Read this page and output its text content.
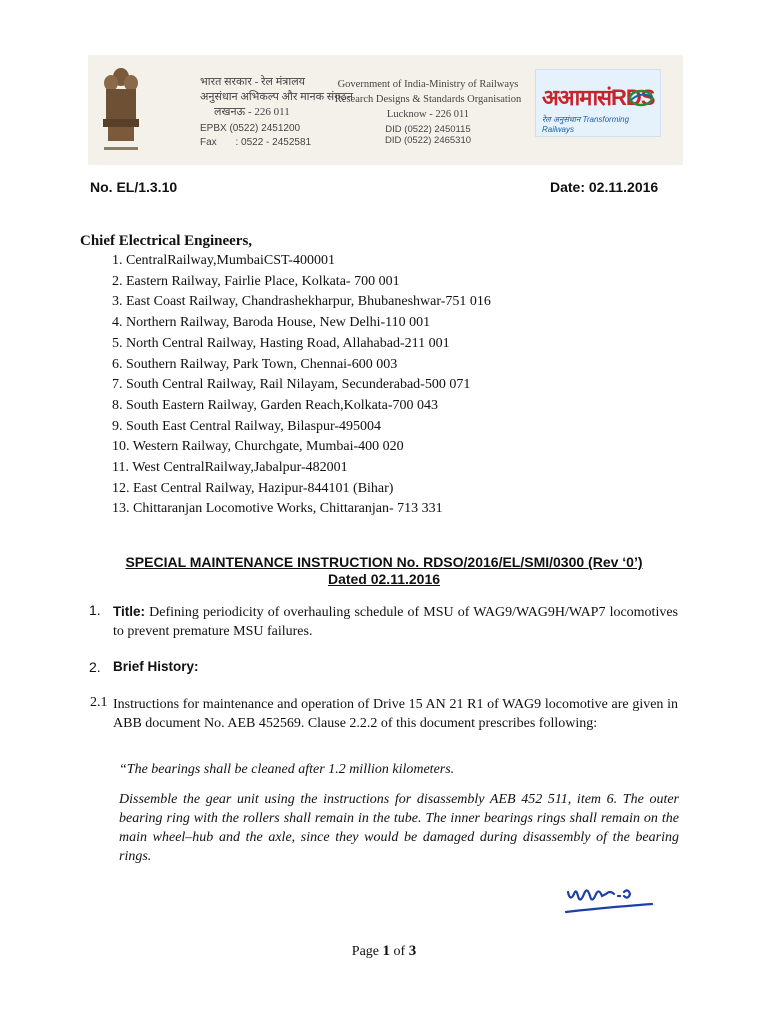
भारत सरकार - रेल मंत्रालय
अनुसंधान अभिकल्प और मानक संगठन
लखनऊ - 226 011
EPBX (0522) 2451200
Fax : 0522 - 2452581
Government of India-Ministry of Railways
Research Designs & Standards Organisation
Lucknow - 226 011
DID (0522) 2450115
DID (0522) 2465310
अआमासंRDS
रेल अनुसंधान Transforming Railways
No. EL/1.3.10	Date: 02.11.2016
Chief Electrical Engineers,
1. CentralRailway,MumbaiCST-400001
2. Eastern Railway, Fairlie Place, Kolkata- 700 001
3. East Coast Railway, Chandrashekharpur, Bhubaneshwar-751 016
4. Northern Railway, Baroda House, New Delhi-110 001
5. North Central Railway, Hasting Road, Allahabad-211 001
6. Southern Railway, Park Town, Chennai-600 003
7. South Central Railway, Rail Nilayam, Secunderabad-500 071
8. South Eastern Railway, Garden Reach,Kolkata-700 043
9. South East Central Railway, Bilaspur-495004
10. Western Railway, Churchgate, Mumbai-400 020
11. West CentralRailway,Jabalpur-482001
12. East Central Railway, Hazipur-844101 (Bihar)
13. Chittaranjan Locomotive Works, Chittaranjan- 713 331
SPECIAL MAINTENANCE INSTRUCTION No. RDSO/2016/EL/SMI/0300 (Rev ‘0’)
Dated 02.11.2016
1. Title: Defining periodicity of overhauling schedule of MSU of WAG9/WAG9H/WAP7 locomotives to prevent premature MSU failures.
2. Brief History:
2.1 Instructions for maintenance and operation of Drive 15 AN 21 R1 of WAG9 locomotive are given in ABB document No. AEB 452569. Clause 2.2.2 of this document prescribes following:
“The bearings shall be cleaned after 1.2 million kilometers.
Dissemble the gear unit using the instructions for disassembly AEB 452 511, item 6. The outer bearing ring with the rollers shall remain in the tube. The inner bearings rings shall remain on the main wheel–hub and the axle, since they would be damaged during disassembly of the bearing rings.
Page 1 of 3
